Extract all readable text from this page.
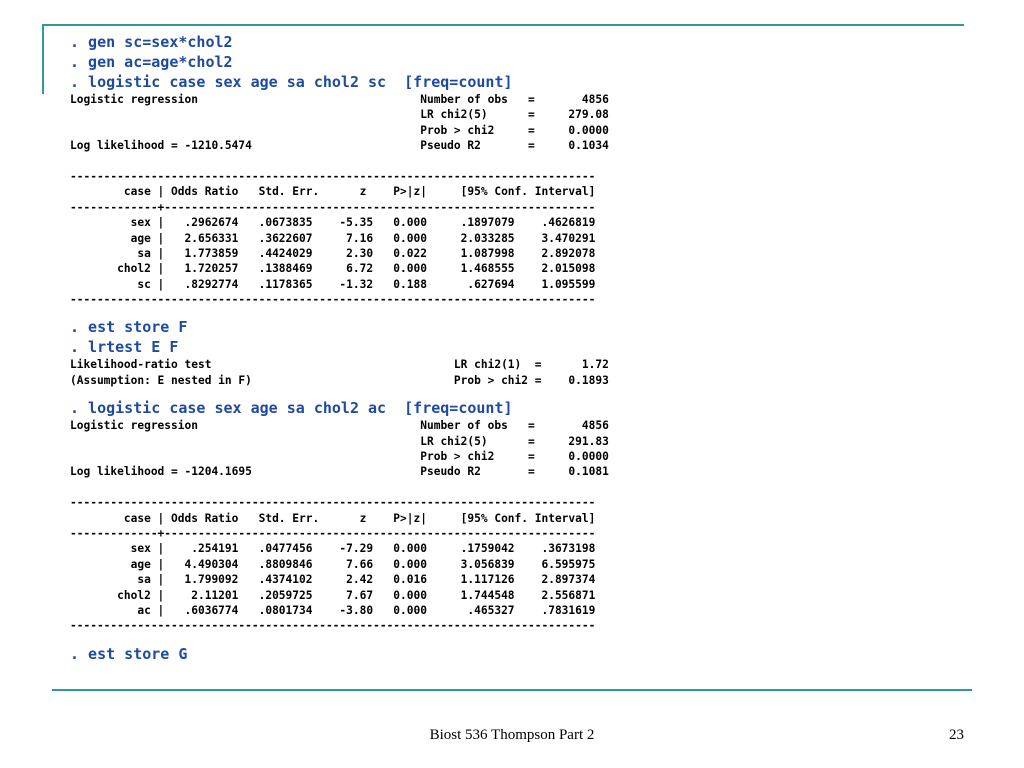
. gen sc=sex*chol2
. gen ac=age*chol2
. logistic case sex age sa chol2 sc  [freq=count]
Logistic regression                                 Number of obs   =       4856
LR chi2(5)      =     279.08
Prob > chi2     =     0.0000
Log likelihood = -1210.5474                         Pseudo R2       =     0.1034
------------------------------------------------------------------------------
case | Odds Ratio   Std. Err.      z    P>|z|     [95% Conf. Interval]
-------------+----------------------------------------------------------------
sex |   .2962674   .0673835    -5.35   0.000     .1897079    .4626819
age |   2.656331   .3622607     7.16   0.000     2.033285    3.470291
sa |   1.773859   .4424029     2.30   0.022     1.087998    2.892078
chol2 |   1.720257   .1388469     6.72   0.000     1.468555    2.015098
sc |   .8292774   .1178365    -1.32   0.188      .627694    1.095599
------------------------------------------------------------------------------
. est store F
. lrtest E F
Likelihood-ratio test                                    LR chi2(1)  =      1.72
(Assumption: E nested in F)                              Prob > chi2 =    0.1893
. logistic case sex age sa chol2 ac  [freq=count]
Logistic regression                                 Number of obs   =       4856
LR chi2(5)      =     291.83
Prob > chi2     =     0.0000
Log likelihood = -1204.1695                         Pseudo R2       =     0.1081
------------------------------------------------------------------------------
case | Odds Ratio   Std. Err.      z    P>|z|     [95% Conf. Interval]
-------------+----------------------------------------------------------------
sex |    .254191   .0477456    -7.29   0.000     .1759042    .3673198
age |   4.490304   .8809846     7.66   0.000     3.056839    6.595975
sa |   1.799092   .4374102     2.42   0.016     1.117126    2.897374
chol2 |    2.11201   .2059725     7.67   0.000     1.744548    2.556871
ac |   .6036774   .0801734    -3.80   0.000      .465327    .7831619
------------------------------------------------------------------------------
. est store G
Biost 536 Thompson Part 2	23
